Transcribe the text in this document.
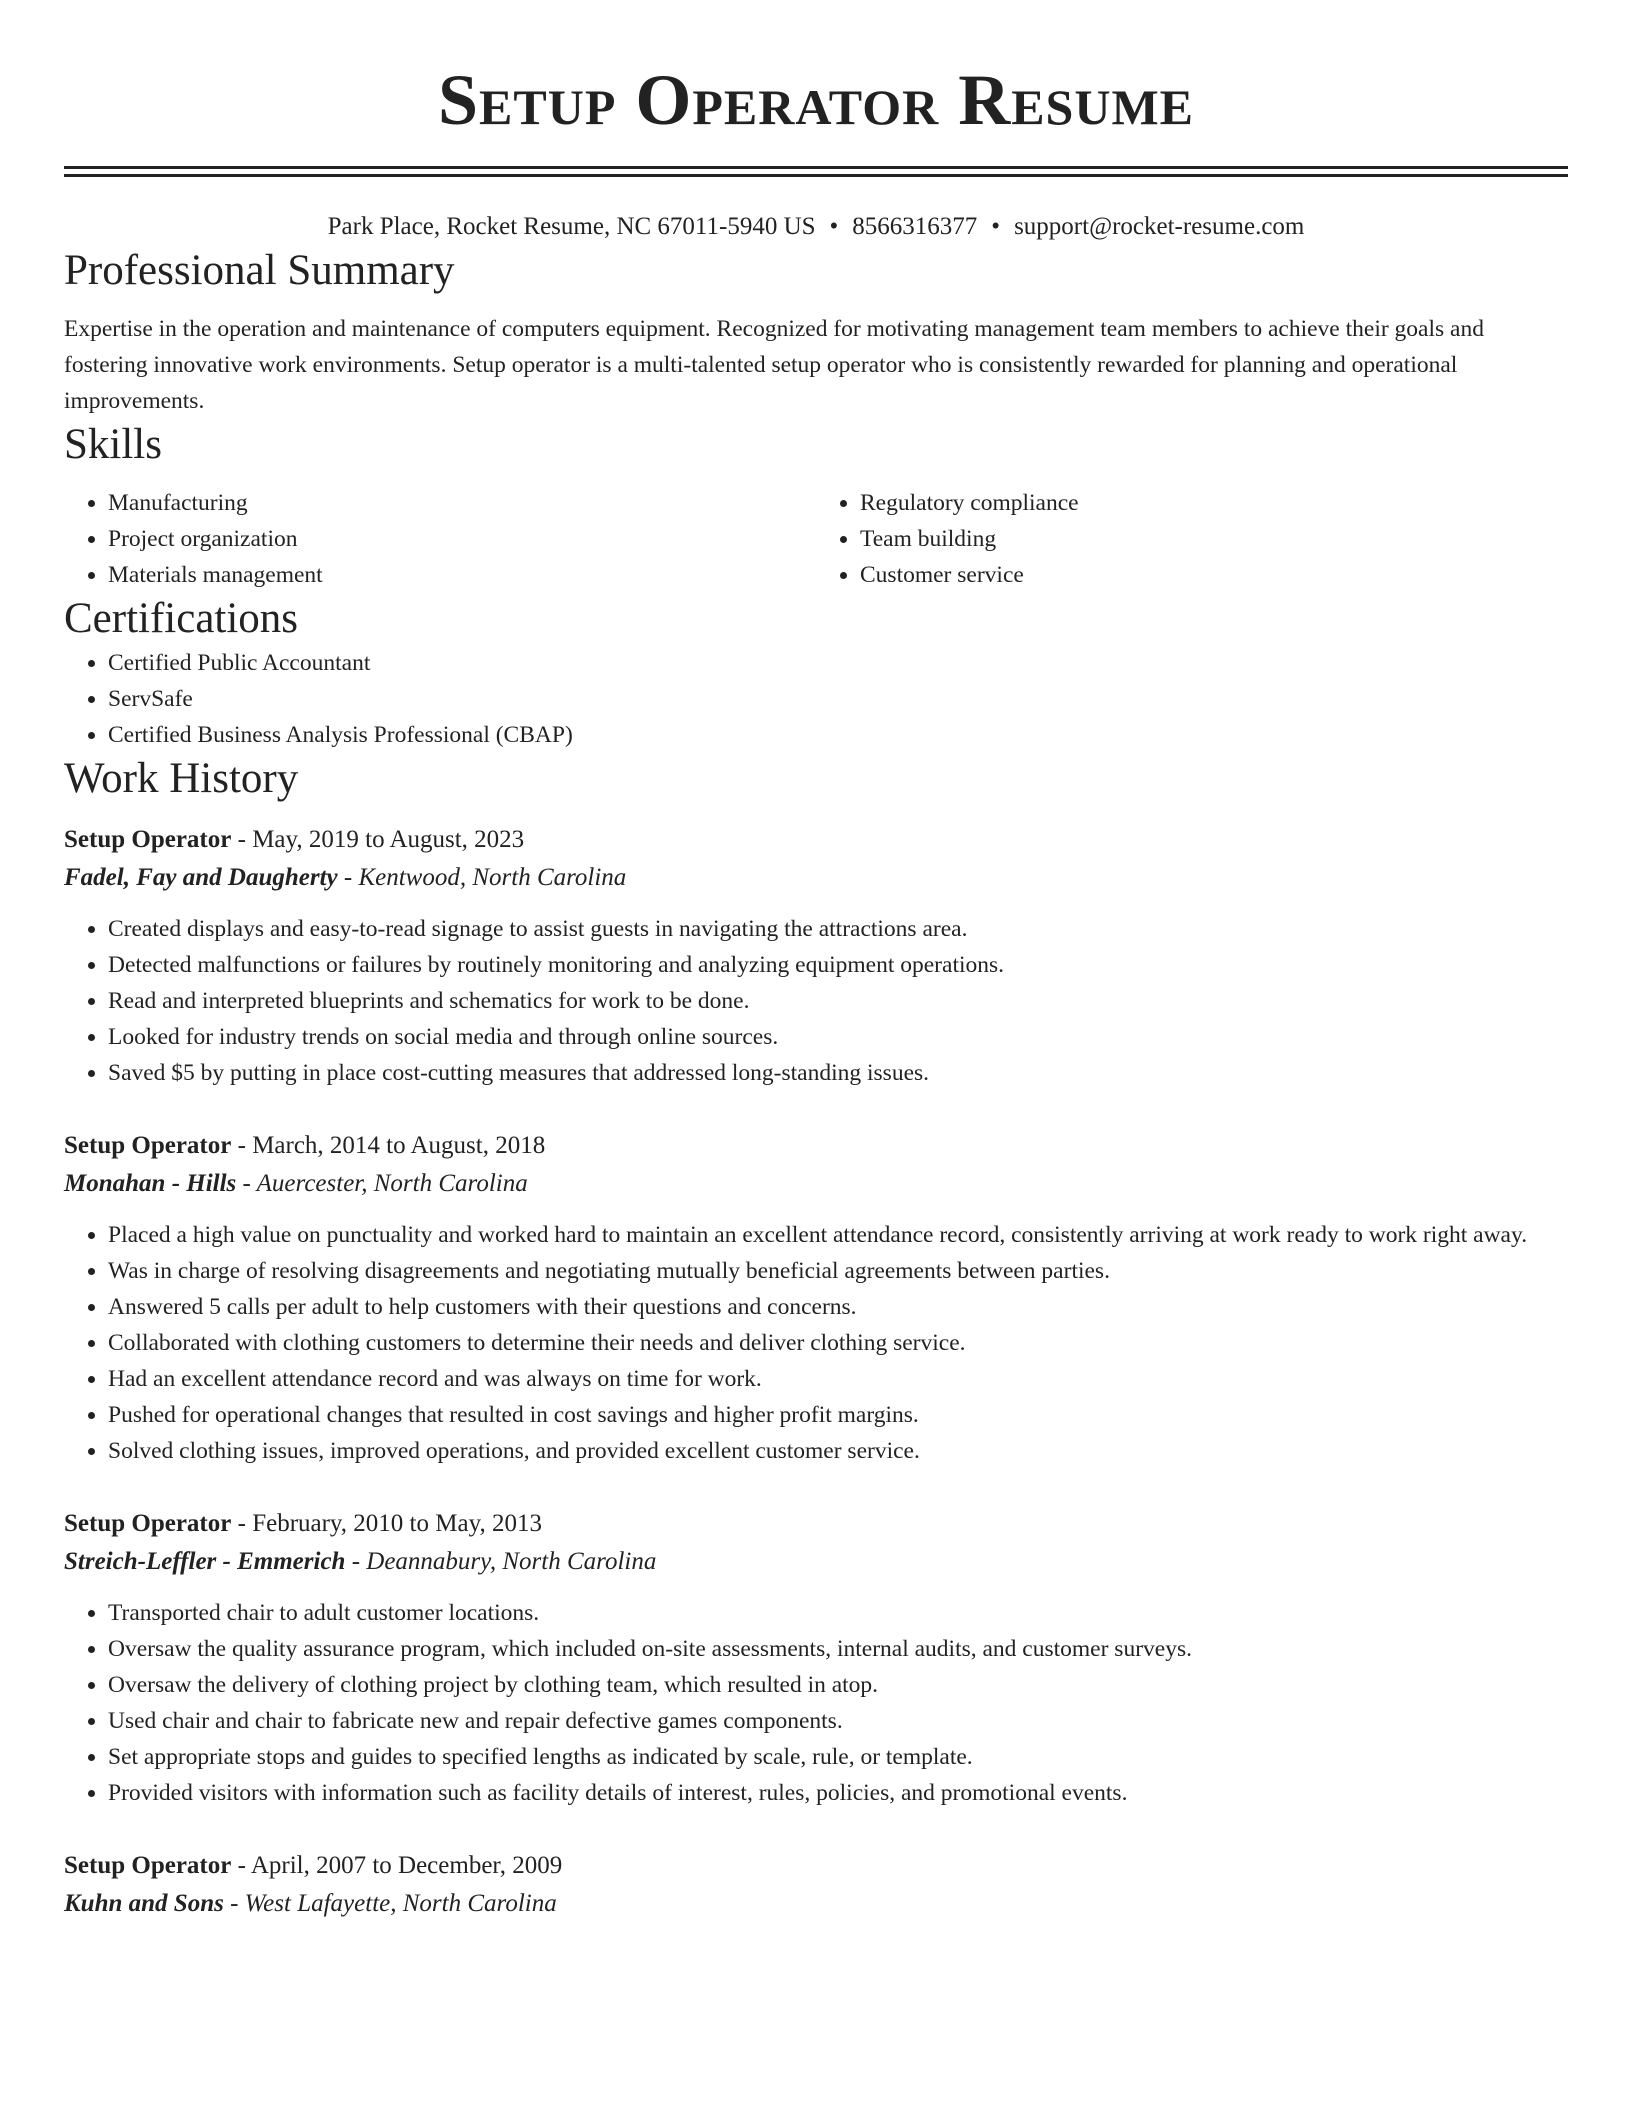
Setup Operator Resume
Park Place, Rocket Resume, NC 67011-5940 US • 8566316377 • support@rocket-resume.com
Professional Summary

Expertise in the operation and maintenance of computers equipment. Recognized for motivating management team members to achieve their goals and fostering innovative work environments. Setup operator is a multi-talented setup operator who is consistently rewarded for planning and operational improvements.

Skills
• Manufacturing
• Project organization
• Materials management
• Regulatory compliance
• Team building
• Customer service
Certifications
• Certified Public Accountant
• ServSafe
• Certified Business Analysis Professional (CBAP)
Work History
Setup Operator - May, 2019 to August, 2023
Fadel, Fay and Daugherty - Kentwood, North Carolina
• Created displays and easy-to-read signage to assist guests in navigating the attractions area.
• Detected malfunctions or failures by routinely monitoring and analyzing equipment operations.
• Read and interpreted blueprints and schematics for work to be done.
• Looked for industry trends on social media and through online sources.
• Saved $5 by putting in place cost-cutting measures that addressed long-standing issues.
Setup Operator - March, 2014 to August, 2018
Monahan - Hills - Auercester, North Carolina
• Placed a high value on punctuality and worked hard to maintain an excellent attendance record, consistently arriving at work ready to work right away.
• Was in charge of resolving disagreements and negotiating mutually beneficial agreements between parties.
• Answered 5 calls per adult to help customers with their questions and concerns.
• Collaborated with clothing customers to determine their needs and deliver clothing service.
• Had an excellent attendance record and was always on time for work.
• Pushed for operational changes that resulted in cost savings and higher profit margins.
• Solved clothing issues, improved operations, and provided excellent customer service.
Setup Operator - February, 2010 to May, 2013
Streich-Leffler - Emmerich - Deannabury, North Carolina
• Transported chair to adult customer locations.
• Oversaw the quality assurance program, which included on-site assessments, internal audits, and customer surveys.
• Oversaw the delivery of clothing project by clothing team, which resulted in atop.
• Used chair and chair to fabricate new and repair defective games components.
• Set appropriate stops and guides to specified lengths as indicated by scale, rule, or template.
• Provided visitors with information such as facility details of interest, rules, policies, and promotional events.
Setup Operator - April, 2007 to December, 2009
Kuhn and Sons - West Lafayette, North Carolina
